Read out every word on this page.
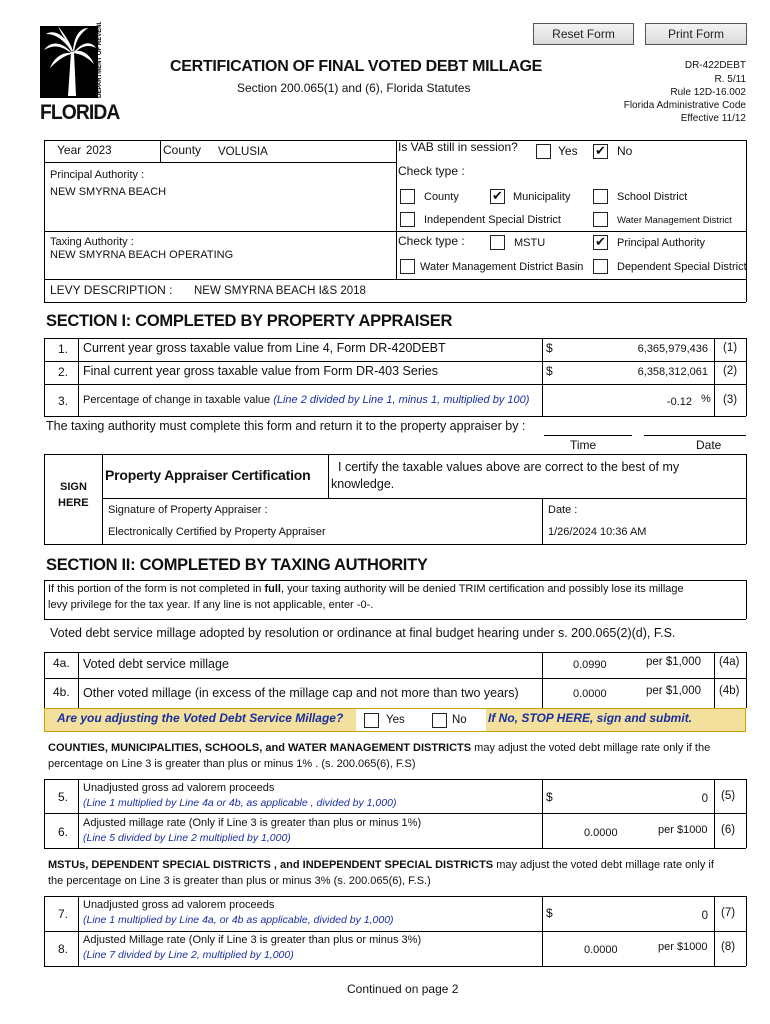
Reset Form	Print Form
DEPARTMENT OF REVENUE
FLORIDA
CERTIFICATION OF FINAL VOTED DEBT MILLAGE
Section 200.065(1) and (6), Florida Statutes
DR-422DEBT
R. 5/11
Rule 12D-16.002
Florida Administrative Code
Effective 11/12
Year 2023	County VOLUSIA	Is VAB still in session?	Yes ✔ No
Principal Authority :
NEW SMYRNA BEACH
Taxing Authority :
NEW SMYRNA BEACH OPERATING
Check type :
County	✔ Municipality	School District
Independent Special District	Water Management District
Check type :	MSTU	✔ Principal Authority
Water Management District Basin	Dependent Special District
LEVY DESCRIPTION : NEW SMYRNA BEACH I&S 2018
SECTION I: COMPLETED BY PROPERTY APPRAISER
1. Current year gross taxable value from Line 4, Form DR-420DEBT	$	6,365,979,436 (1)
2. Final current year gross taxable value from Form DR-403 Series	$	6,358,312,061 (2)
3. Percentage of change in taxable value (Line 2 divided by Line 1, minus 1, multiplied by 100)	-0.12 % (3)
The taxing authority must complete this form and return it to the property appraiser by :
Time	Date
SIGN
HERE
Property Appraiser Certification I certify the taxable values above are correct to the best of my
knowledge.
Signature of Property Appraiser :
Electronically Certified by Property Appraiser
Date :
1/26/2024 10:36 AM
SECTION II: COMPLETED BY TAXING AUTHORITY
If this portion of the form is not completed in full, your taxing authority will be denied TRIM certification and possibly lose its millage
levy privilege for the tax year. If any line is not applicable, enter -0-.
Voted debt service millage adopted by resolution or ordinance at final budget hearing under s. 200.065(2)(d), F.S.
4a. Voted debt service millage	0.0990	per $1,000 (4a)
4b. Other voted millage (in excess of the millage cap and not more than two years)	0.0000	per $1,000 (4b)
Are you adjusting the Voted Debt Service Millage?	Yes	No If No, STOP HERE, sign and submit.
COUNTIES, MUNICIPALITIES, SCHOOLS, and WATER MANAGEMENT DISTRICTS may adjust the voted debt millage rate only if the
percentage on Line 3 is greater than plus or minus 1% . (s. 200.065(6), F.S)
5.
Unadjusted gross ad valorem proceeds
(Line 1 multiplied by Line 4a or 4b, as applicable , divided by 1,000)	$	0 (5)
6.
Adjusted millage rate (Only if Line 3 is greater than plus or minus 1%)
(Line 5 divided by Line 2 multiplied by 1,000)	0.0000	per $1000 (6)
MSTUs, DEPENDENT SPECIAL DISTRICTS , and INDEPENDENT SPECIAL DISTRICTS may adjust the voted debt millage rate only if
the percentage on Line 3 is greater than plus or minus 3% (s. 200.065(6), F.S.)
7.
Unadjusted gross ad valorem proceeds
(Line 1 multiplied by Line 4a, or 4b as applicable, divided by 1,000)	$	0 (7)
8.
Adjusted Millage rate (Only if Line 3 is greater than plus or minus 3%)
(Line 7 divided by Line 2, multiplied by 1,000)	0.0000	per $1000 (8)
Continued on page 2
